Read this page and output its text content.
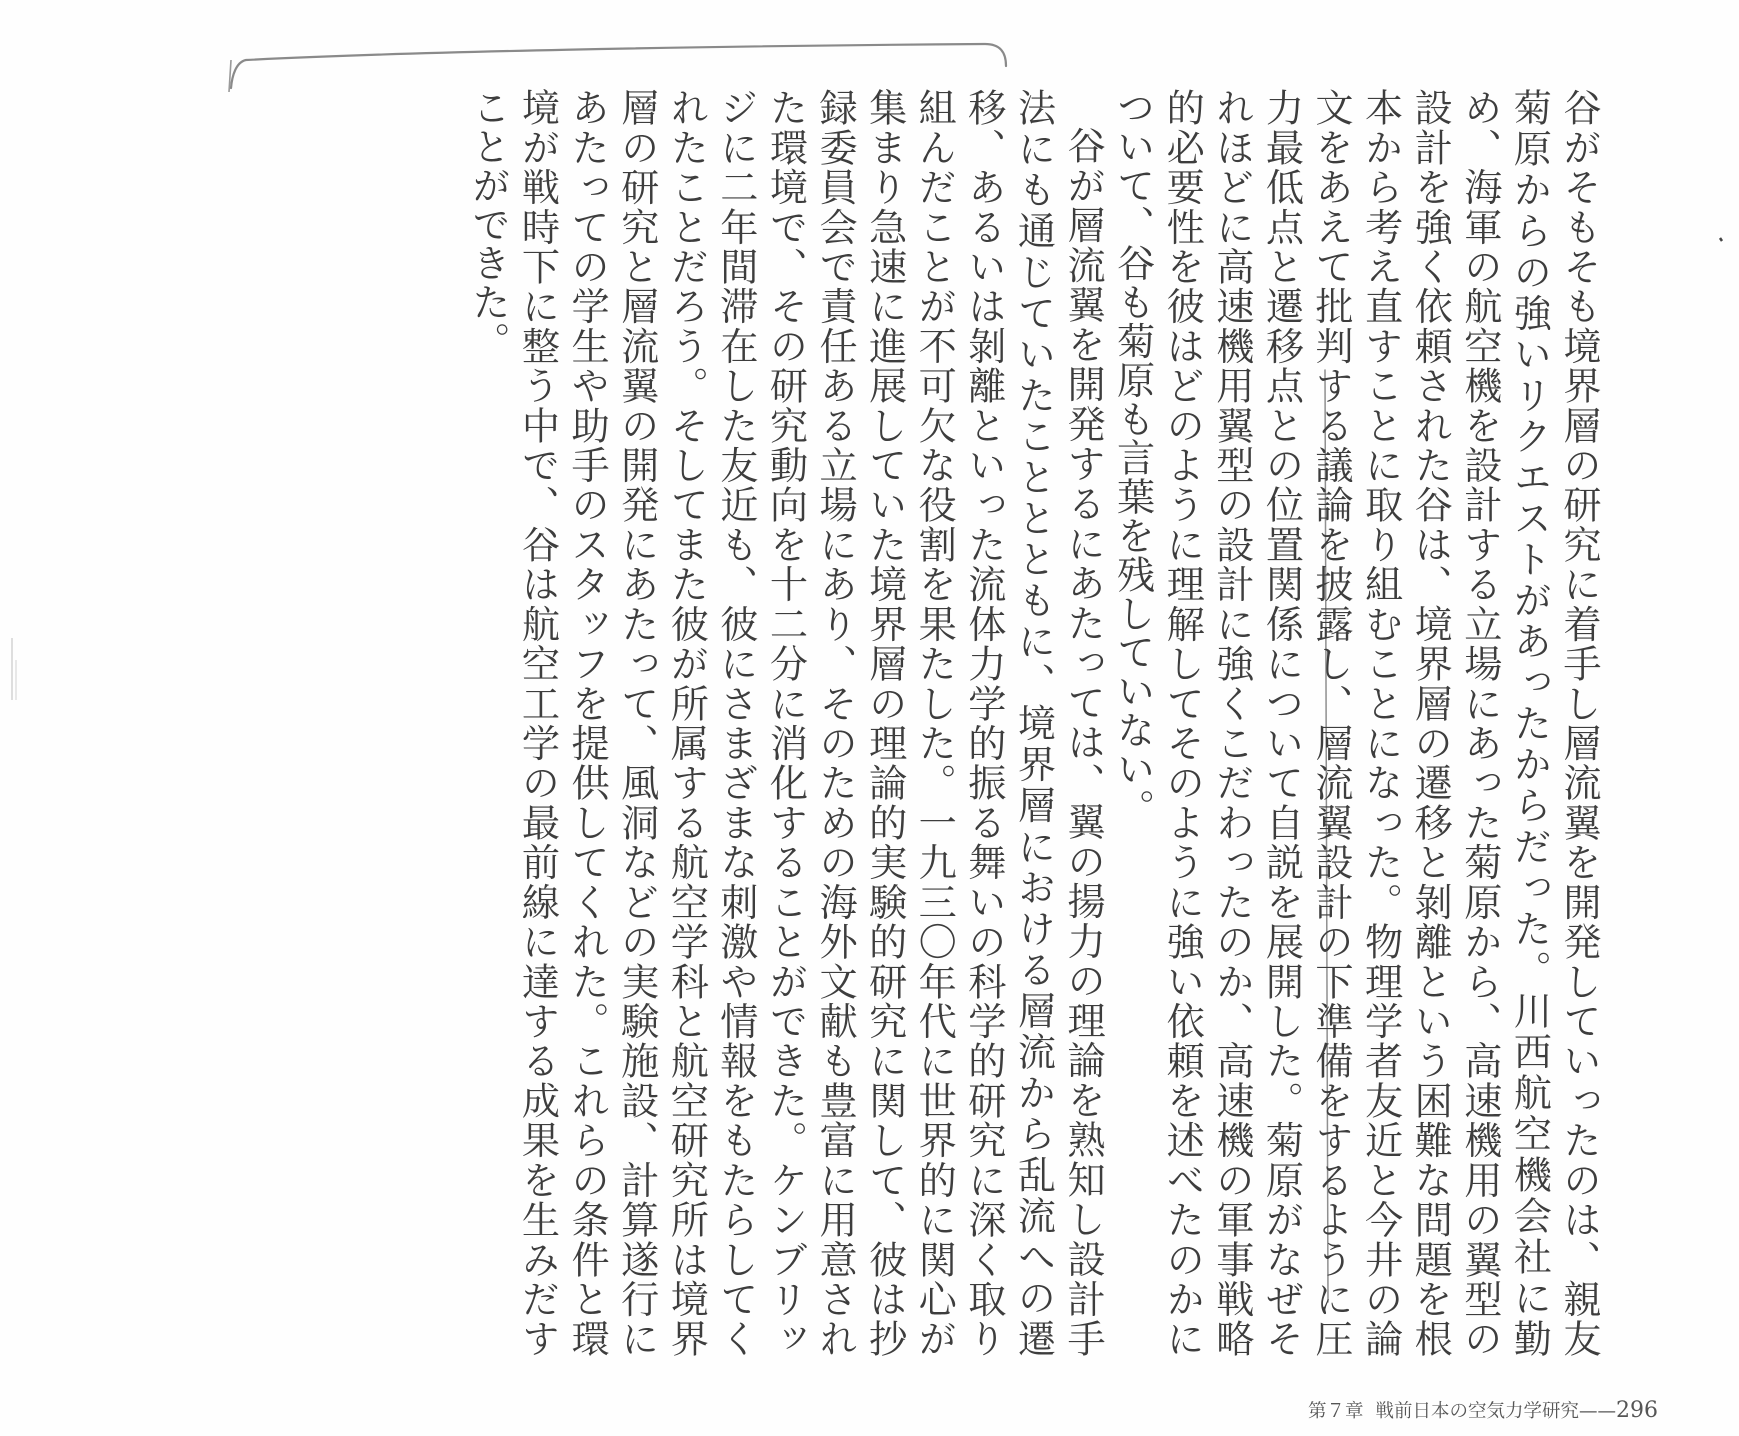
谷がそもそも境界層の研究に着手し層流翼を開発していったのは、親友菊原からの強いリクエストがあったからだった。川西航空機会社に勤め、海軍の航空機を設計する立場にあった菊原から、高速機用の翼型の設計を強く依頼された谷は、境界層の遷移と剝離という困難な問題を根本から考え直すことに取り組むことになった。物理学者友近と今井の論文をあえて批判する議論を披露し、層流翼設計の下準備をするように圧力最低点と遷移点との位置関係について自説を展開した。菊原がなぜそれほどに高速機用翼型の設計に強くこだわったのか、高速機の軍事戦略的必要性を彼はどのように理解してそのように強い依頼を述べたのかについて、谷も菊原も言葉を残していない。

谷が層流翼を開発するにあたっては、翼の揚力の理論を熟知し設計手法にも通じていたこととともに、境界層における層流から乱流への遷移、あるいは剝離といった流体力学的振る舞いの科学的研究に深く取り組んだことが不可欠な役割を果たした。一九三〇年代に世界的に関心が集まり急速に進展していた境界層の理論的実験的研究に関して、彼は抄録委員会で責任ある立場にあり、そのための海外文献も豊富に用意された環境で、その研究動向を十二分に消化することができた。ケンブリッジに二年間滞在した友近も、彼にさまざまな刺激や情報をもたらしてくれたことだろう。そしてまた彼が所属する航空学科と航空研究所は境界層の研究と層流翼の開発にあたって、風洞などの実験施設、計算遂行にあたっての学生や助手のスタッフを提供してくれた。これらの条件と環境が戦時下に整う中で、谷は航空工学の最前線に達する成果を生みだすことができた。

第７章 戦前日本の空気力学研究——296
